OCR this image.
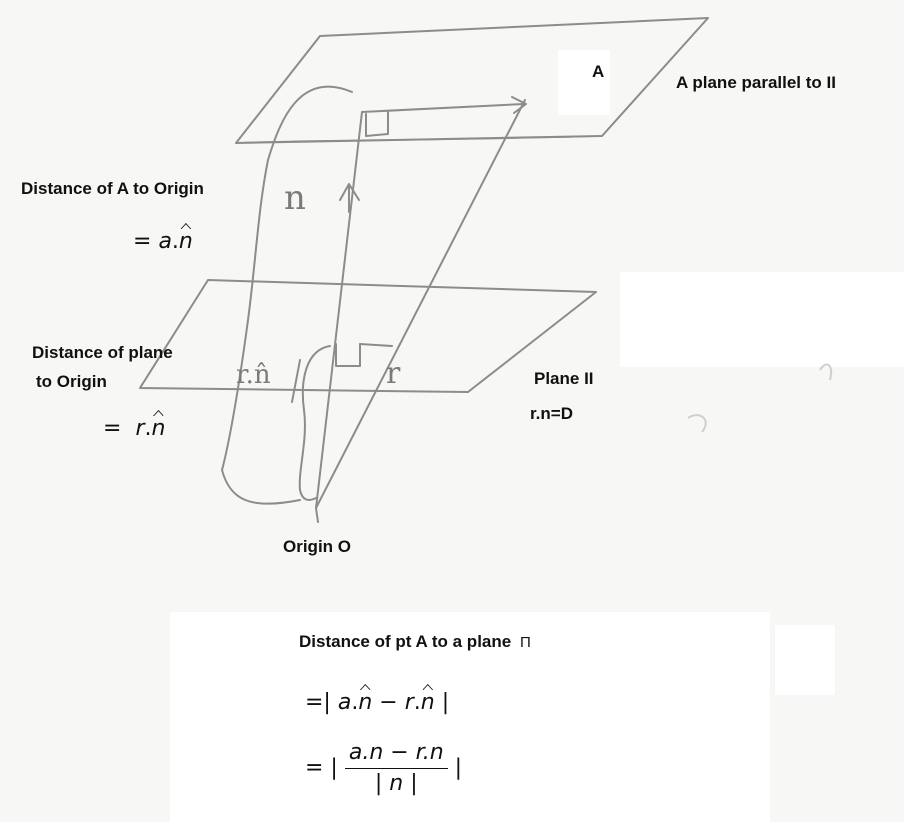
n
r.n̂	r
A
A plane parallel to II
Distance of A to Origin
= a.n
Distance of plane
to Origin
= r.n
Plane II
r.n=D
Origin O
Distance of pt A to a plane Π
=| a.n − r.n |
= | $\frac{a.n - r.n}{| n |}$ |
